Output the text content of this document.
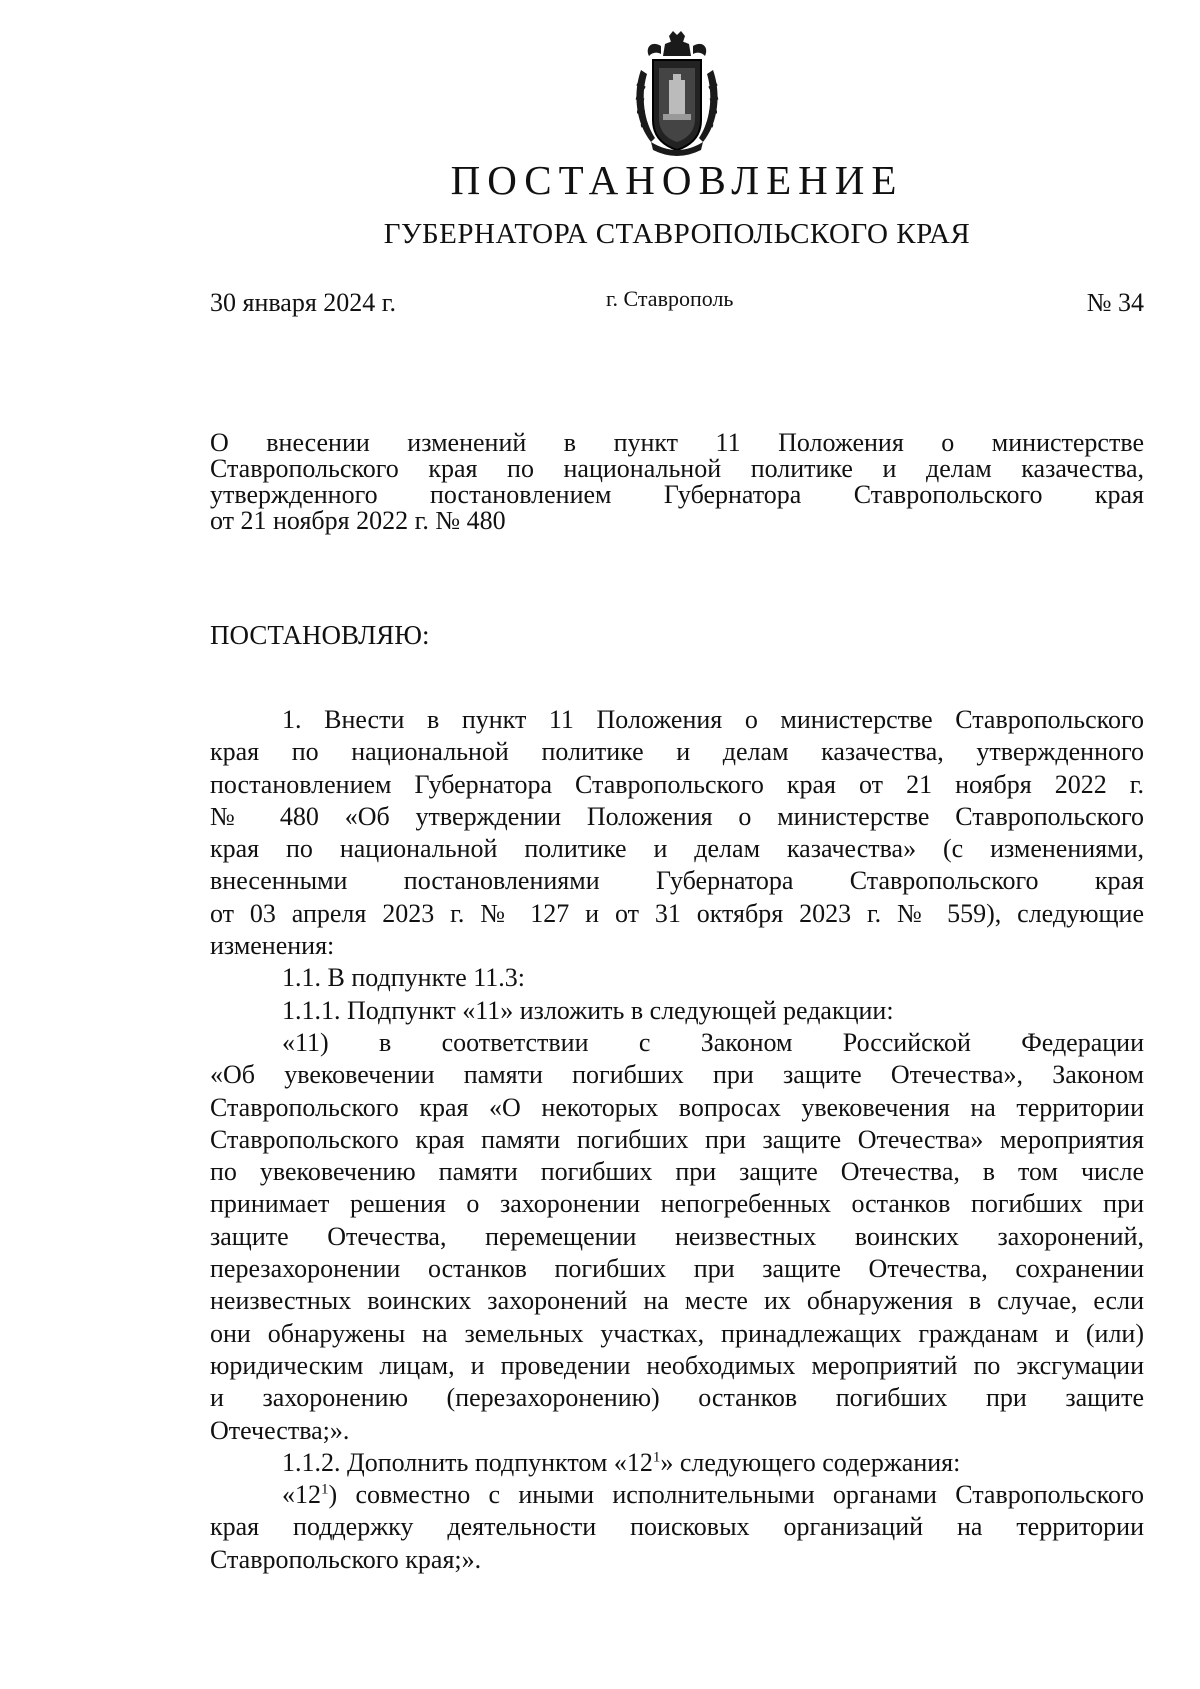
ПОСТАНОВЛЕНИЕ
ГУБЕРНАТОРА СТАВРОПОЛЬСКОГО КРАЯ
30 января 2024 г.	г. Ставрополь	№ 34
О внесении изменений в пункт 11 Положения о министерстве
Ставропольского края по национальной политике и делам казачества,
утвержденного постановлением Губернатора Ставропольского края
от 21 ноября 2022 г. № 480
ПОСТАНОВЛЯЮ:
1. Внести в пункт 11 Положения о министерстве Ставропольского
края по национальной политике и делам казачества, утвержденного
постановлением Губернатора Ставропольского края от 21 ноября 2022 г.
№ 480 «Об утверждении Положения о министерстве Ставропольского
края по национальной политике и делам казачества» (с изменениями,
внесенными постановлениями Губернатора Ставропольского края
от 03 апреля 2023 г. № 127 и от 31 октября 2023 г. № 559), следующие
изменения:
1.1. В подпункте 11.3:
1.1.1. Подпункт «11» изложить в следующей редакции:
«11) в соответствии с Законом Российской Федерации
«Об увековечении памяти погибших при защите Отечества», Законом
Ставропольского края «О некоторых вопросах увековечения на территории
Ставропольского края памяти погибших при защите Отечества» мероприятия
по увековечению памяти погибших при защите Отечества, в том числе
принимает решения о захоронении непогребенных останков погибших при
защите Отечества, перемещении неизвестных воинских захоронений,
перезахоронении останков погибших при защите Отечества, сохранении
неизвестных воинских захоронений на месте их обнаружения в случае, если
они обнаружены на земельных участках, принадлежащих гражданам и (или)
юридическим лицам, и проведении необходимых мероприятий по эксгумации
и захоронению (перезахоронению) останков погибших при защите
Отечества;».
1.1.2. Дополнить подпунктом «$12^1$» следующего содержания:
«$12^1$) совместно с иными исполнительными органами Ставропольского
края поддержку деятельности поисковых организаций на территории
Ставропольского края;».
